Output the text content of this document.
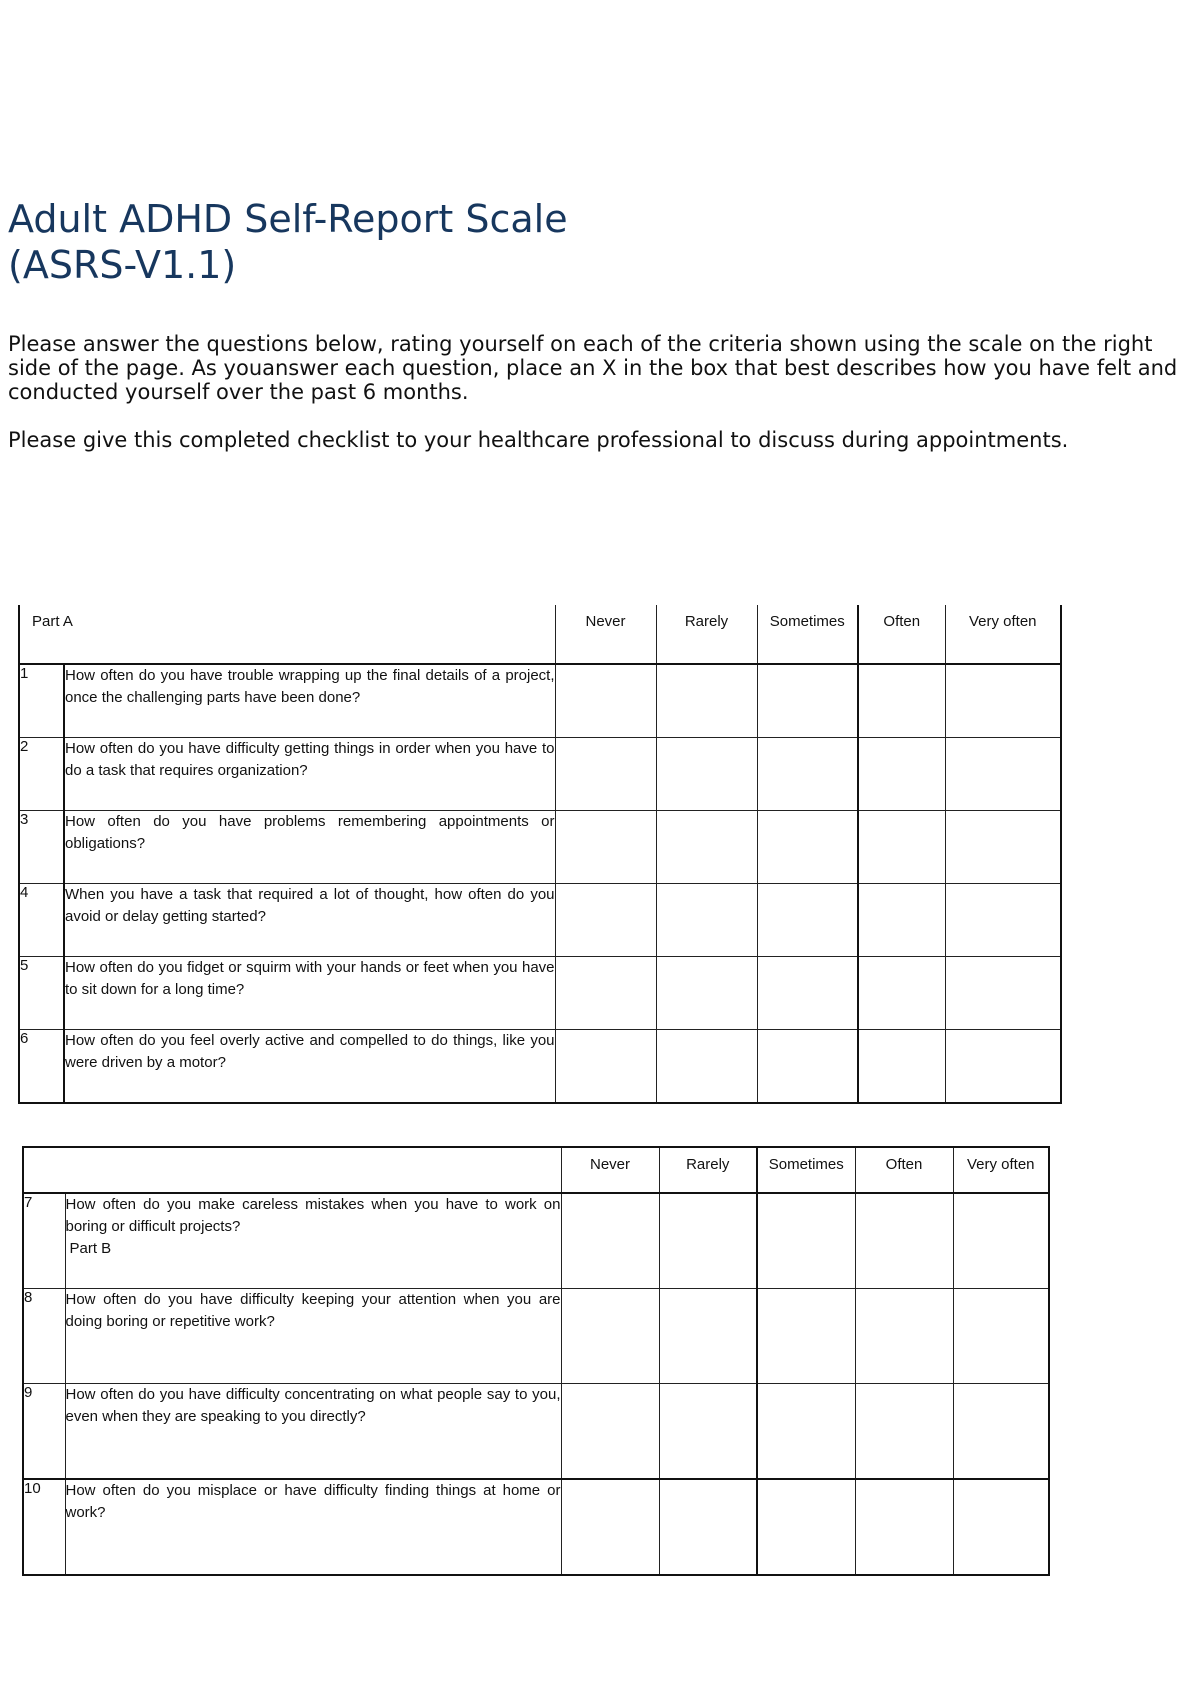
Adult ADHD Self-Report Scale
(ASRS-V1.1)

Please answer the questions below, rating yourself on each of the criteria shown using the scale on the right side of the page. As youanswer each question, place an X in the box that best describes how you have felt and conducted yourself over the past 6 months.

Please give this completed checklist to your healthcare professional to discuss during appointments.

Part A		Never	Rarely	Sometimes	Often	Very often
1	How often do you have trouble wrapping up the final details of a project, once the challenging parts have been done?					
2	How often do you have difficulty getting things in order when you have to do a task that requires organization?					
3	How often do you have problems remembering appointments or obligations?					
4	When you have a task that required a lot of thought, how often do you avoid or delay getting started?					
5	How often do you fidget or squirm with your hands or feet when you have to sit down for a long time?					
6	How often do you feel overly active and compelled to do things, like you were driven by a motor?					
		Never	Rarely	Sometimes	Often	Very often
7	How often do you make careless mistakes when you have to work on boring or difficult projects?
Part B					

8	How often do you have difficulty keeping your attention when you are doing boring or repetitive work?					
9	How often do you have difficulty concentrating on what people say to you, even when they are speaking to you directly?					
10	How often do you misplace or have difficulty finding things at home or work?					
